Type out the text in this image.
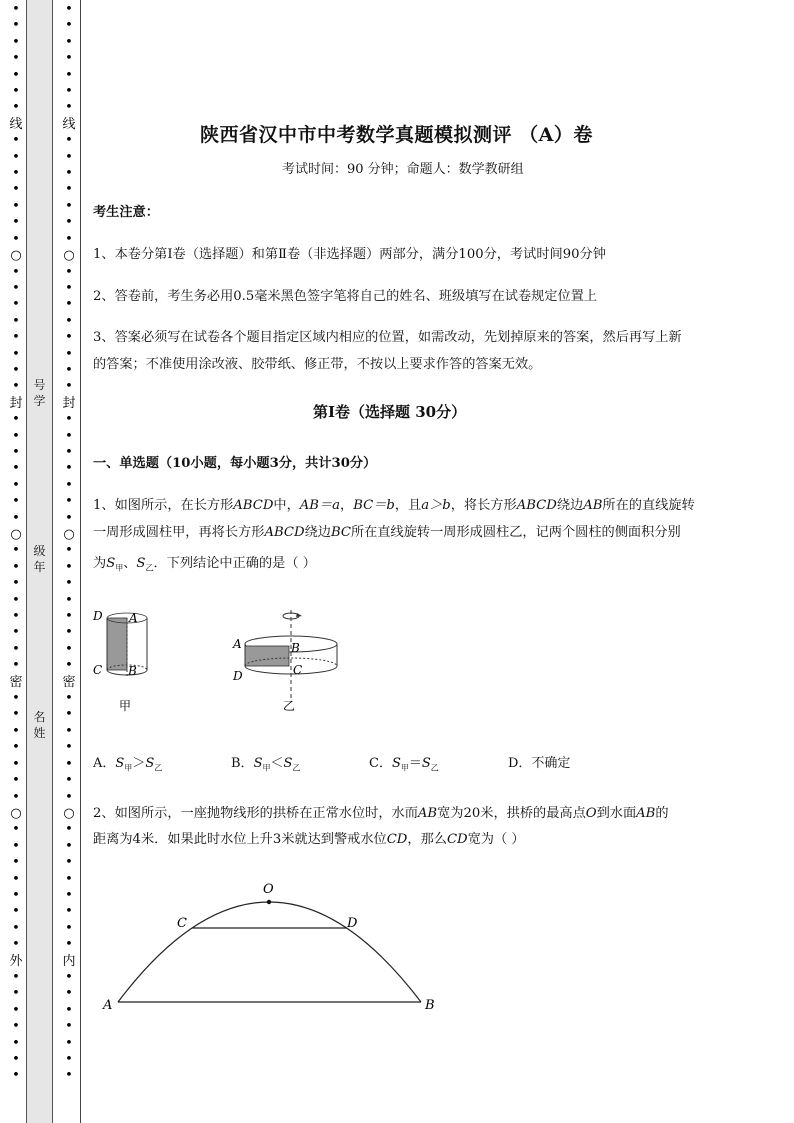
•
•
•
•
•
•
•
线
•
•
•
•
•
•
•
○
•
•
•
•
•
•
•
•
封
•
•
•
•
•
•
•
○
•
•
•
•
•
•
•
•
密
•
•
•
•
•
•
•
○
•
•
•
•
•
•
•
•
外
•
•
•
•
•
•
•
•
•
•
•
•
•
•
线
•
•
•
•
•
•
•
○
•
•
•
•
•
•
•
•
封
•
•
•
•
•
•
•
○
•
•
•
•
•
•
•
•
密
•
•
•
•
•
•
•
○
•
•
•
•
•
•
•
•
内
•
•
•
•
•
•
•
号
学
级
年
名
姓
陕西省汉中市中考数学真题模拟测评 （A）卷
考试时间：90 分钟；命题人：数学教研组
考生注意：
1、本卷分第I卷（选择题）和第Ⅱ卷（非选择题）两部分，满分100分，考试时间90分钟
2、答卷前，考生务必用0.5毫米黑色签字笔将自己的姓名、班级填写在试卷规定位置上
3、答案必须写在试卷各个题目指定区域内相应的位置，如需改动，先划掉原来的答案，然后再写上新
的答案；不准使用涂改液、胶带纸、修正带，不按以上要求作答的答案无效。
第I卷（选择题 30分）
一、单选题（10小题，每小题3分，共计30分）
1、如图所示，在长方形ABCD中，AB＝a，BC＝b，且a＞b，将长方形ABCD绕边AB所在的直线旋转
一周形成圆柱甲，再将长方形ABCD绕边BC所在直线旋转一周形成圆柱乙，记两个圆柱的侧面积分别
为$S_甲$、$S_乙$．下列结论中正确的是（ ）
D A
C B
甲
A	B
C
D
乙
A．$S_甲>S_乙$	B．$S_甲<S_乙$	C．$S_甲=S_乙$	D．不确定
2、如图所示，一座抛物线形的拱桥在正常水位时，水而AB宽为20米，拱桥的最高点O到水面AB的
距离为4米．如果此时水位上升3米就达到警戒水位CD，那么CD宽为（ ）
O
C	D
A	B
